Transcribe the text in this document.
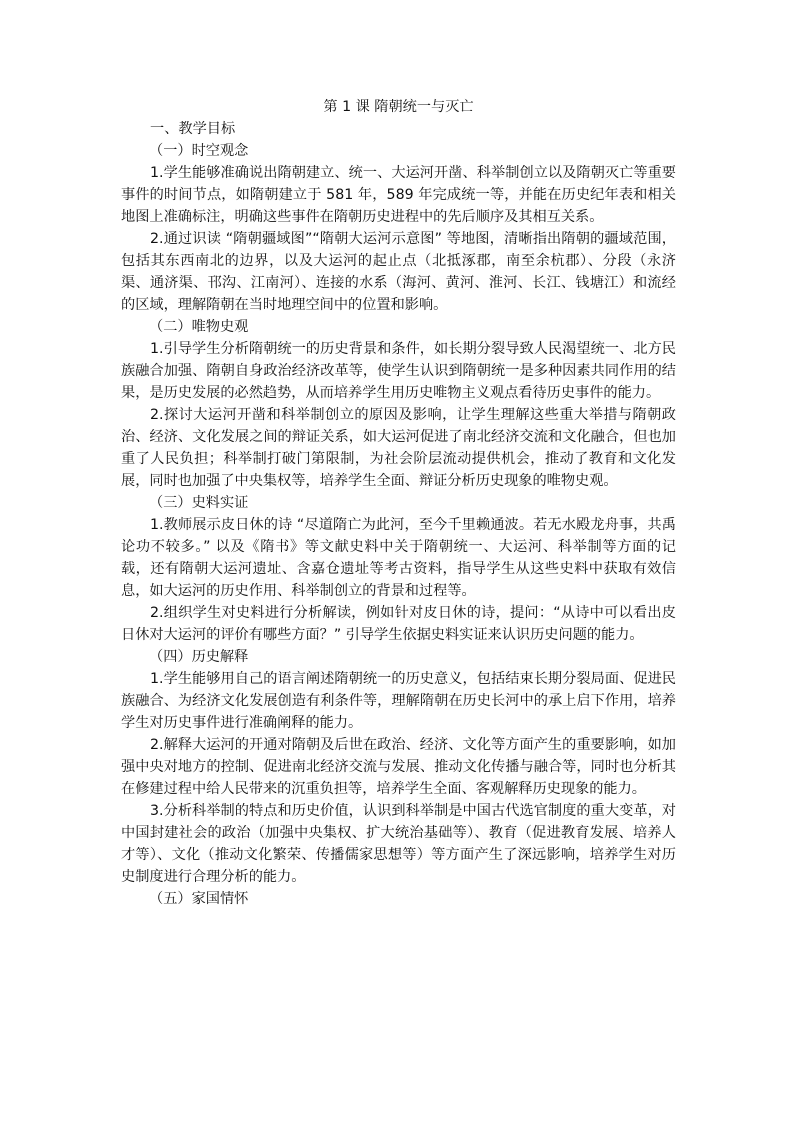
第 1 课 隋朝统一与灭亡
一、教学目标
（一）时空观念

1.学生能够准确说出隋朝建立、统一、大运河开凿、科举制创立以及隋朝灭亡等重要事件的时间节点，如隋朝建立于 581 年，589 年完成统一等，并能在历史纪年表和相关地图上准确标注，明确这些事件在隋朝历史进程中的先后顺序及其相互关系。

2.通过识读 “隋朝疆域图”“隋朝大运河示意图” 等地图，清晰指出隋朝的疆域范围，包括其东西南北的边界，以及大运河的起止点（北抵涿郡，南至余杭郡）、分段（永济渠、通济渠、邗沟、江南河）、连接的水系（海河、黄河、淮河、长江、钱塘江）和流经的区域，理解隋朝在当时地理空间中的位置和影响。

（二）唯物史观

1.引导学生分析隋朝统一的历史背景和条件，如长期分裂导致人民渴望统一、北方民族融合加强、隋朝自身政治经济改革等，使学生认识到隋朝统一是多种因素共同作用的结果，是历史发展的必然趋势，从而培养学生用历史唯物主义观点看待历史事件的能力。

2.探讨大运河开凿和科举制创立的原因及影响，让学生理解这些重大举措与隋朝政治、经济、文化发展之间的辩证关系，如大运河促进了南北经济交流和文化融合，但也加重了人民负担；科举制打破门第限制，为社会阶层流动提供机会，推动了教育和文化发展，同时也加强了中央集权等，培养学生全面、辩证分析历史现象的唯物史观。

（三）史料实证

1.教师展示皮日休的诗 “尽道隋亡为此河，至今千里赖通波。若无水殿龙舟事，共禹论功不较多。” 以及《隋书》等文献史料中关于隋朝统一、大运河、科举制等方面的记载，还有隋朝大运河遗址、含嘉仓遗址等考古资料，指导学生从这些史料中获取有效信息，如大运河的历史作用、科举制创立的背景和过程等。

2.组织学生对史料进行分析解读，例如针对皮日休的诗，提问：“从诗中可以看出皮日休对大运河的评价有哪些方面？” 引导学生依据史料实证来认识历史问题的能力。

（四）历史解释

1.学生能够用自己的语言阐述隋朝统一的历史意义，包括结束长期分裂局面、促进民族融合、为经济文化发展创造有利条件等，理解隋朝在历史长河中的承上启下作用，培养学生对历史事件进行准确阐释的能力。

2.解释大运河的开通对隋朝及后世在政治、经济、文化等方面产生的重要影响，如加强中央对地方的控制、促进南北经济交流与发展、推动文化传播与融合等，同时也分析其在修建过程中给人民带来的沉重负担等，培养学生全面、客观解释历史现象的能力。

3.分析科举制的特点和历史价值，认识到科举制是中国古代选官制度的重大变革，对中国封建社会的政治（加强中央集权、扩大统治基础等）、教育（促进教育发展、培养人才等）、文化（推动文化繁荣、传播儒家思想等）等方面产生了深远影响，培养学生对历史制度进行合理分析的能力。

（五）家国情怀
